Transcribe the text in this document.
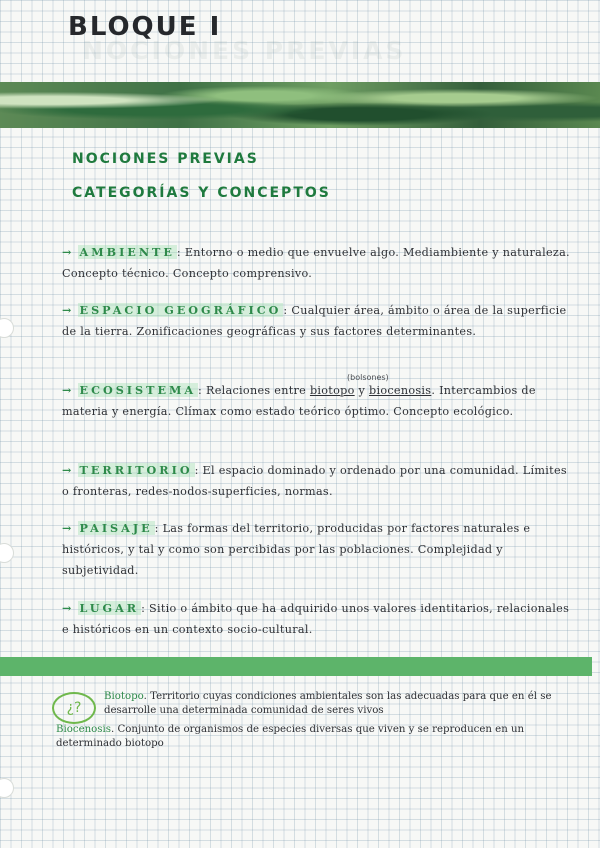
NOCIONES PREVIAS
BLOQUE I
NOCIONES PREVIAS
CATEGORÍAS Y CONCEPTOS
→ AMBIENTE : Entorno o medio que envuelve algo. Mediambiente y naturaleza. Concepto técnico. Concepto comprensivo.
→ ESPACIO GEOGRÁFICO : Cualquier área, ámbito o área de la superficie de la tierra. Zonificaciones geográficas y sus factores determinantes.
(bolsones)
→ ECOSISTEMA : Relaciones entre biotopo y biocenosis. Intercambios de materia y energía. Clímax como estado teórico óptimo. Concepto ecológico.
→ TERRITORIO : El espacio dominado y ordenado por una comunidad. Límites o fronteras, redes-nodos-superficies, normas.
→ PAISAJE : Las formas del territorio, producidas por factores naturales e históricos, y tal y como son percibidas por las poblaciones. Complejidad y subjetividad.
→ LUGAR : Sitio o ámbito que ha adquirido unos valores identitarios, relacionales e históricos en un contexto socio-cultural.
¿?
Biotopo. Territorio cuyas condiciones ambientales son las adecuadas para que en él se desarrolle una determinada comunidad de seres vivos
Biocenosis. Conjunto de organismos de especies diversas que viven y se reproducen en un determinado biotopo
